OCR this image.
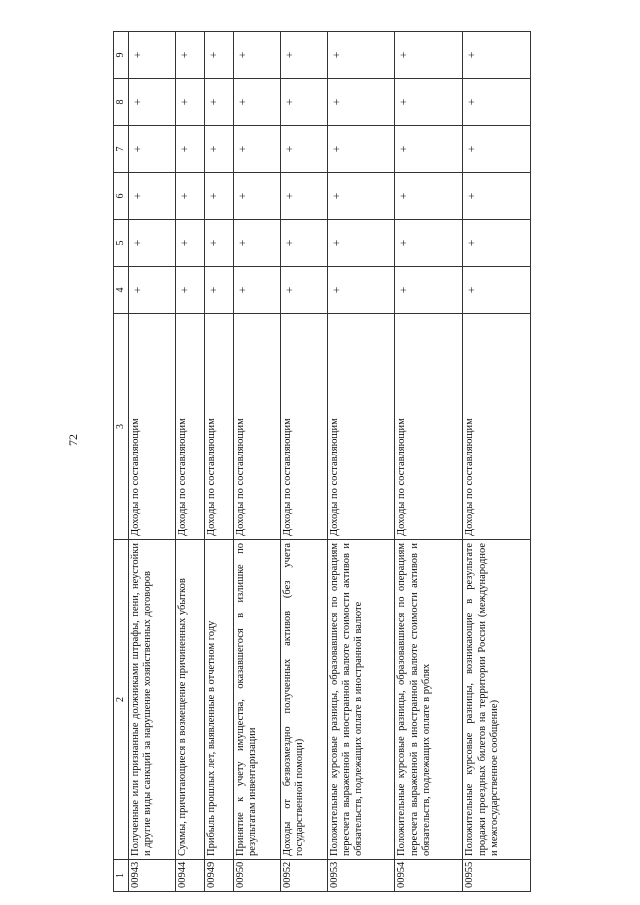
72
1	2	3	4	5	6	7	8	9
00943	Полученные или признанные должниками штрафы, пени, неустойки и другие виды санкций за нарушение хозяйственных договоров	Доходы по составляющим	+	+	+	+	+	+
00944	Суммы, причитающиеся в возмещение причиненных убытков	Доходы по составляющим	+	+	+	+	+	+
00949	Прибыль прошлых лет, выявленные в отчетном году	Доходы по составляющим	+	+	+	+	+	+
00950	Принятие к учету имущества, оказавшегося в излишке по результатам инвентаризации	Доходы по составляющим	+	+	+	+	+	+
00952	Доходы от безвозмездно полученных активов (без учета государственной помощи)	Доходы по составляющим	+	+	+	+	+	+
00953	Положительные курсовые разницы, образовавшиеся по операциям пересчета выраженной в иностранной валюте стоимости активов и обязательств, подлежащих оплате в иностранной валюте	Доходы по составляющим	+	+	+	+	+	+
00954	Положительные курсовые разницы, образовавшиеся по операциям пересчета выраженной в иностранной валюте стоимости активов и обязательств, подлежащих оплате в рублях	Доходы по составляющим	+	+	+	+	+	+
00955	Положительные курсовые разницы, возникающие в результате продажи проездных билетов на территории России (международное и межгосударственное сообщение)	Доходы по составляющим	+	+	+	+	+	+
